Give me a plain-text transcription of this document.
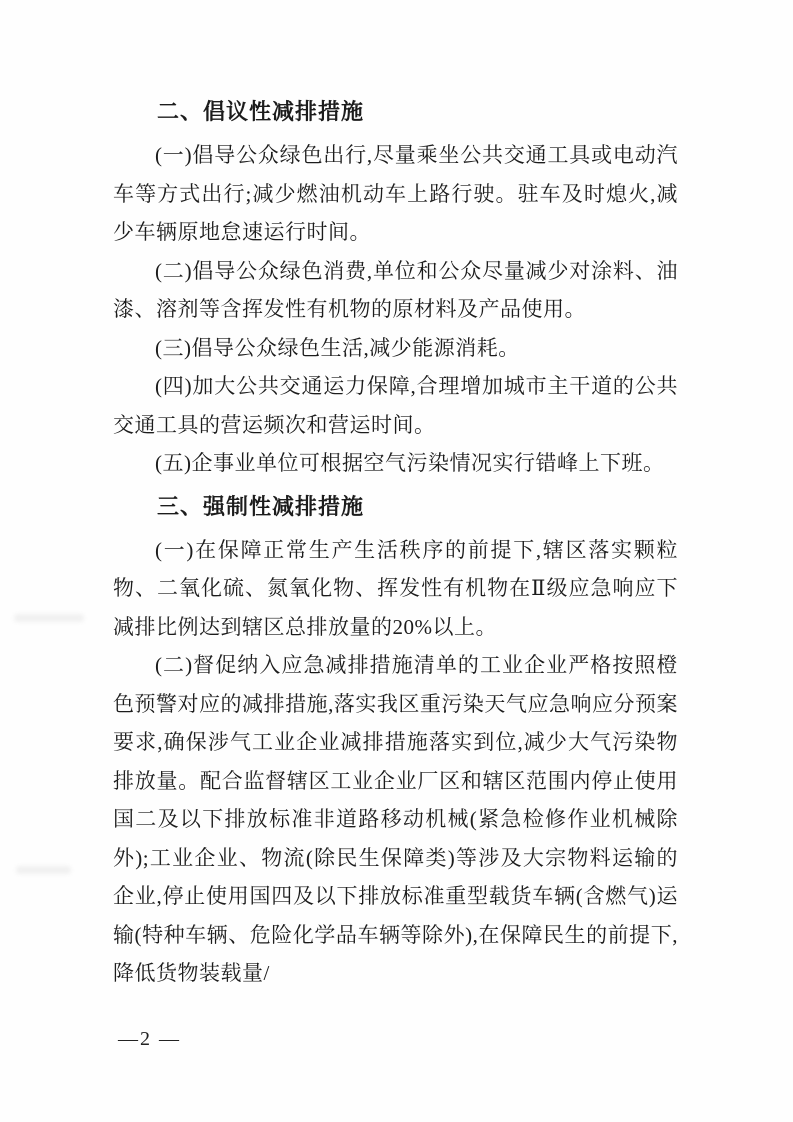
二、倡议性减排措施

(一)倡导公众绿色出行,尽量乘坐公共交通工具或电动汽车等方式出行;减少燃油机动车上路行驶。驻车及时熄火,减少车辆原地怠速运行时间。

(二)倡导公众绿色消费,单位和公众尽量减少对涂料、油漆、溶剂等含挥发性有机物的原材料及产品使用。

(三)倡导公众绿色生活,减少能源消耗。

(四)加大公共交通运力保障,合理增加城市主干道的公共交通工具的营运频次和营运时间。

(五)企事业单位可根据空气污染情况实行错峰上下班。

三、强制性减排措施

(一)在保障正常生产生活秩序的前提下,辖区落实颗粒物、二氧化硫、氮氧化物、挥发性有机物在Ⅱ级应急响应下减排比例达到辖区总排放量的20%以上。

(二)督促纳入应急减排措施清单的工业企业严格按照橙色预警对应的减排措施,落实我区重污染天气应急响应分预案要求,确保涉气工业企业减排措施落实到位,减少大气污染物排放量。配合监督辖区工业企业厂区和辖区范围内停止使用国二及以下排放标准非道路移动机械(紧急检修作业机械除外);工业企业、物流(除民生保障类)等涉及大宗物料运输的企业,停止使用国四及以下排放标准重型载货车辆(含燃气)运输(特种车辆、危险化学品车辆等除外),在保障民生的前提下,降低货物装载量/

—2 —
